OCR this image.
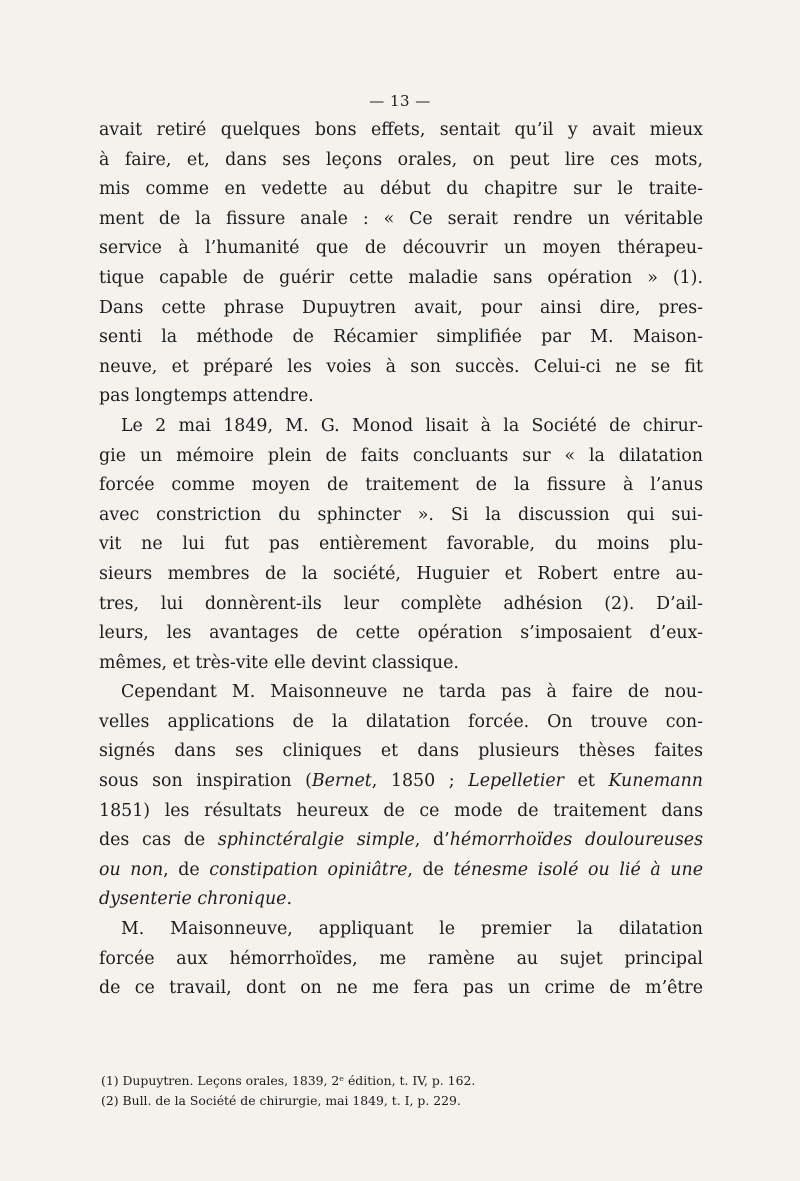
— 13 —
avait retiré quelques bons effets, sentait qu’il y avait mieux
à faire, et, dans ses leçons orales, on peut lire ces mots,
mis comme en vedette au début du chapitre sur le traite-
ment de la fissure anale : « Ce serait rendre un véritable
service à l’humanité que de découvrir un moyen thérapeu-
tique capable de guérir cette maladie sans opération » (1).
Dans cette phrase Dupuytren avait, pour ainsi dire, pres-
senti la méthode de Récamier simplifiée par M. Maison-
neuve, et préparé les voies à son succès. Celui-ci ne se fit
pas longtemps attendre.
Le 2 mai 1849, M. G. Monod lisait à la Société de chirur-
gie un mémoire plein de faits concluants sur « la dilatation
forcée comme moyen de traitement de la fissure à l’anus
avec constriction du sphincter ». Si la discussion qui sui-
vit ne lui fut pas entièrement favorable, du moins plu-
sieurs membres de la société, Huguier et Robert entre au-
tres, lui donnèrent-ils leur complète adhésion (2). D’ail-
leurs, les avantages de cette opération s’imposaient d’eux-
mêmes, et très-vite elle devint classique.
Cependant M. Maisonneuve ne tarda pas à faire de nou-
velles applications de la dilatation forcée. On trouve con-
signés dans ses cliniques et dans plusieurs thèses faites
sous son inspiration (Bernet, 1850 ; Lepelletier et Kunemann
1851) les résultats heureux de ce mode de traitement dans
des cas de sphinctéralgie simple, d’hémorrhoïdes douloureuses
ou non, de constipation opiniâtre, de ténesme isolé ou lié à une
dysenterie chronique.
M. Maisonneuve, appliquant le premier la dilatation
forcée aux hémorrhoïdes, me ramène au sujet principal
de ce travail, dont on ne me fera pas un crime de m’être
(1) Dupuytren. Leçons orales, 1839, 2ᵉ édition, t. IV, p. 162.
(2) Bull. de la Société de chirurgie, mai 1849, t. I, p. 229.
